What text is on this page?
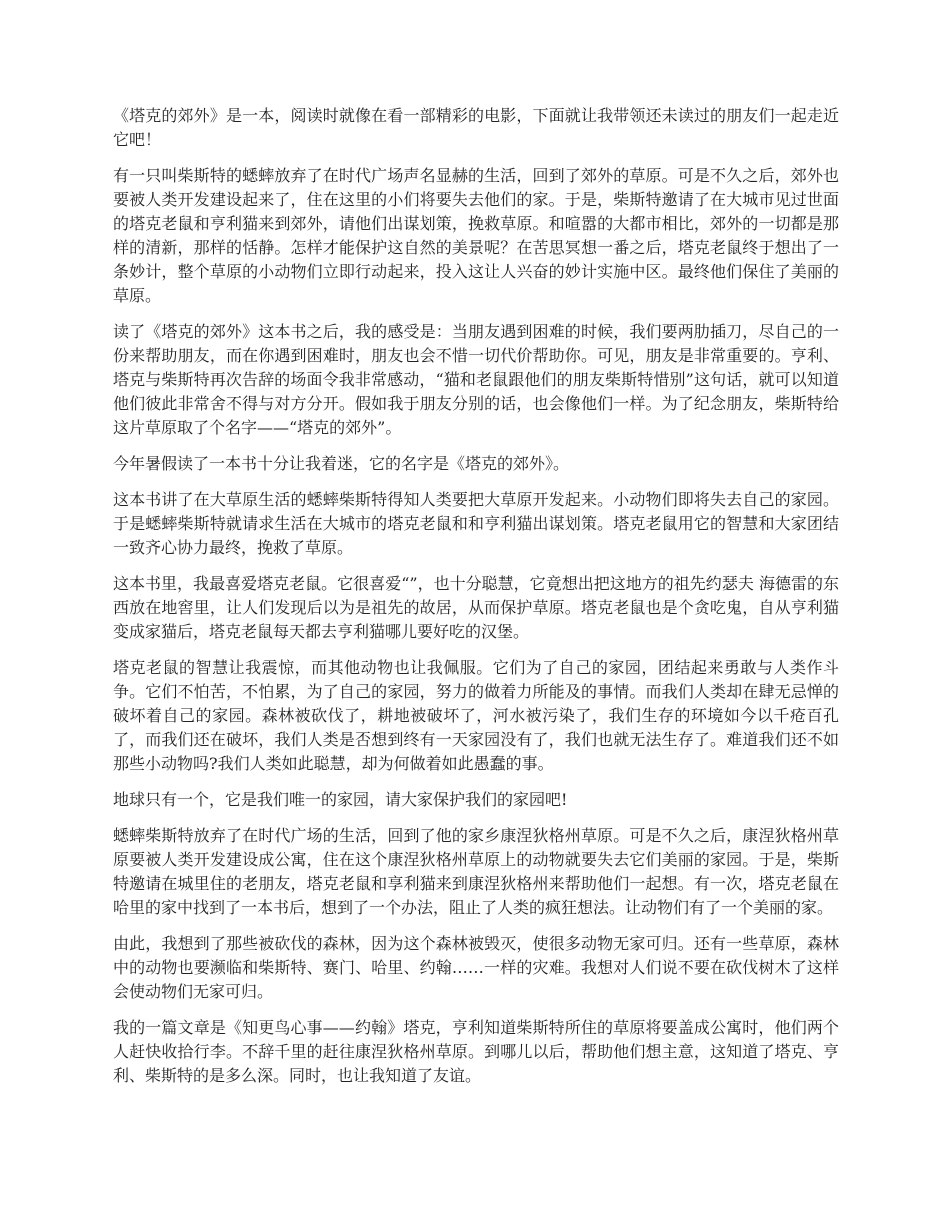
《塔克的郊外》是一本，阅读时就像在看一部精彩的电影，下面就让我带领还未读过的朋友们一起走近它吧！

有一只叫柴斯特的蟋蟀放弃了在时代广场声名显赫的生活，回到了郊外的草原。可是不久之后，郊外也要被人类开发建设起来了，住在这里的小们将要失去他们的家。于是，柴斯特邀请了在大城市见过世面的塔克老鼠和亨利猫来到郊外，请他们出谋划策，挽救草原。和喧嚣的大都市相比，郊外的一切都是那样的清新，那样的恬静。怎样才能保护这自然的美景呢？在苦思冥想一番之后，塔克老鼠终于想出了一条妙计，整个草原的小动物们立即行动起来，投入这让人兴奋的妙计实施中区。最终他们保住了美丽的草原。

读了《塔克的郊外》这本书之后，我的感受是：当朋友遇到困难的时候，我们要两肋插刀，尽自己的一份来帮助朋友，而在你遇到困难时，朋友也会不惜一切代价帮助你。可见，朋友是非常重要的。亨利、塔克与柴斯特再次告辞的场面令我非常感动，“猫和老鼠跟他们的朋友柴斯特惜别”这句话，就可以知道他们彼此非常舍不得与对方分开。假如我于朋友分别的话，也会像他们一样。为了纪念朋友，柴斯特给这片草原取了个名字——“塔克的郊外”。

今年暑假读了一本书十分让我着迷，它的名字是《塔克的郊外》。

这本书讲了在大草原生活的蟋蟀柴斯特得知人类要把大草原开发起来。小动物们即将失去自己的家园。于是蟋蟀柴斯特就请求生活在大城市的塔克老鼠和和亨利猫出谋划策。塔克老鼠用它的智慧和大家团结一致齐心协力最终，挽救了草原。

这本书里，我最喜爱塔克老鼠。它很喜爱“”，也十分聪慧，它竟想出把这地方的祖先约瑟夫 海德雷的东西放在地窖里，让人们发现后以为是祖先的故居，从而保护草原。塔克老鼠也是个贪吃鬼，自从亨利猫变成家猫后，塔克老鼠每天都去亨利猫哪儿要好吃的汉堡。

塔克老鼠的智慧让我震惊，而其他动物也让我佩服。它们为了自己的家园，团结起来勇敢与人类作斗争。它们不怕苦，不怕累，为了自己的家园，努力的做着力所能及的事情。而我们人类却在肆无忌惮的破坏着自己的家园。森林被砍伐了，耕地被破坏了，河水被污染了，我们生存的环境如今以千疮百孔了，而我们还在破坏，我们人类是否想到终有一天家园没有了，我们也就无法生存了。难道我们还不如那些小动物吗?我们人类如此聪慧，却为何做着如此愚蠢的事。

地球只有一个，它是我们唯一的家园，请大家保护我们的家园吧!

蟋蟀柴斯特放弃了在时代广场的生活，回到了他的家乡康涅狄格州草原。可是不久之后，康涅狄格州草原要被人类开发建设成公寓，住在这个康涅狄格州草原上的动物就要失去它们美丽的家园。于是，柴斯特邀请在城里住的老朋友，塔克老鼠和享利猫来到康涅狄格州来帮助他们一起想。有一次，塔克老鼠在哈里的家中找到了一本书后，想到了一个办法，阻止了人类的疯狂想法。让动物们有了一个美丽的家。

由此，我想到了那些被砍伐的森林，因为这个森林被毁灭，使很多动物无家可归。还有一些草原，森林中的动物也要濒临和柴斯特、赛门、哈里、约翰……一样的灾难。我想对人们说不要在砍伐树木了这样会使动物们无家可归。

我的一篇文章是《知更鸟心事——约翰》塔克，亨利知道柴斯特所住的草原将要盖成公寓时，他们两个人赶快收拾行李。不辞千里的赶往康涅狄格州草原。到哪儿以后，帮助他们想主意，这知道了塔克、亨利、柴斯特的是多么深。同时，也让我知道了友谊。
